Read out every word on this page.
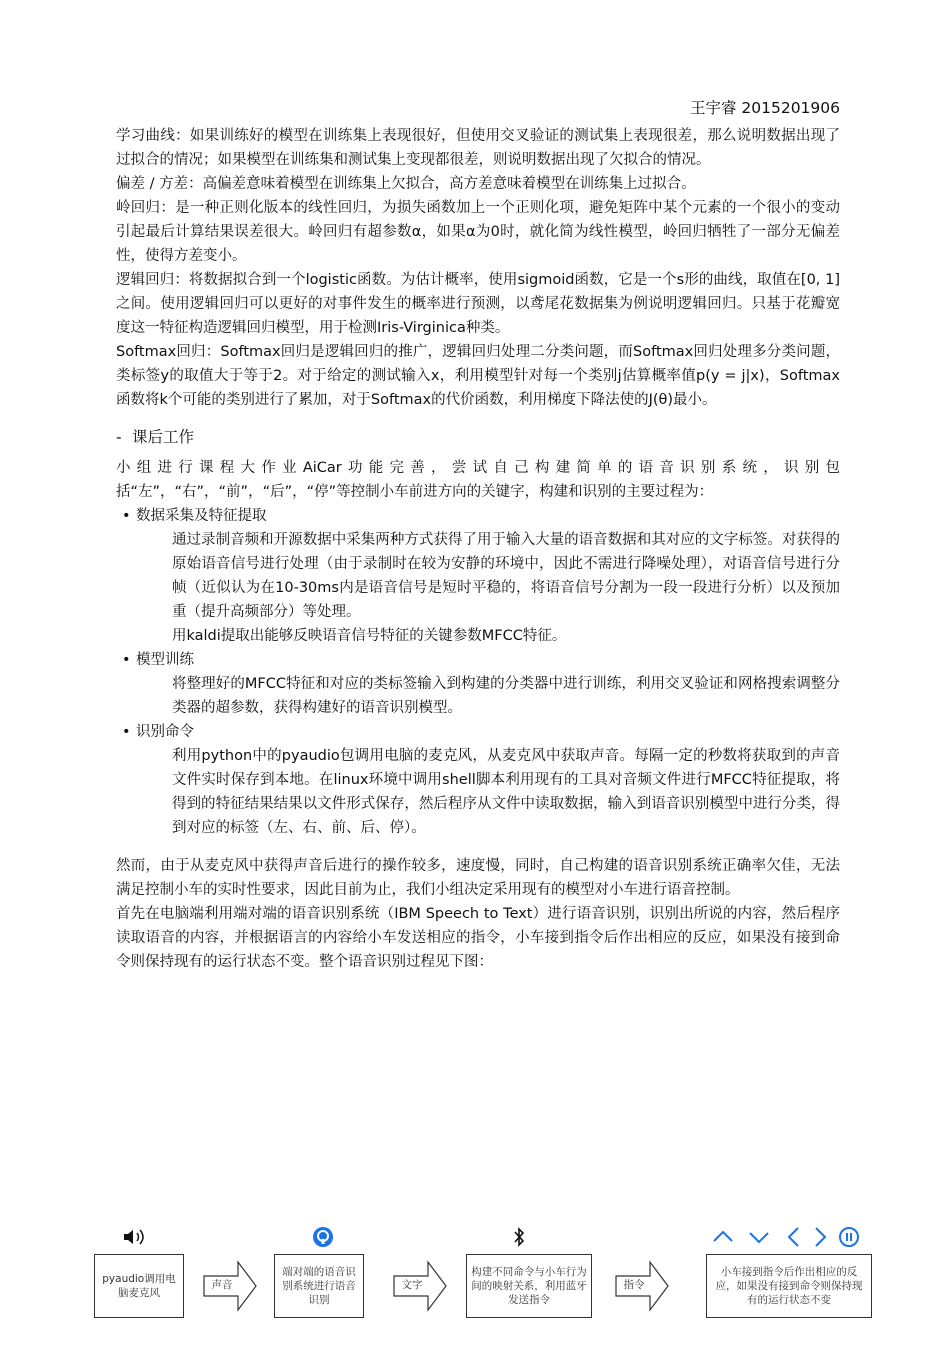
王宇睿 2015201906

学习曲线：如果训练好的模型在训练集上表现很好，但使用交叉验证的测试集上表现很差，那么说明数据出现了过拟合的情况；如果模型在训练集和测试集上变现都很差，则说明数据出现了欠拟合的情况。

偏差 / 方差：高偏差意味着模型在训练集上欠拟合，高方差意味着模型在训练集上过拟合。

岭回归：是一种正则化版本的线性回归，为损失函数加上一个正则化项，避免矩阵中某个元素的一个很小的变动引起最后计算结果误差很大。岭回归有超参数α，如果α为0时，就化简为线性模型，岭回归牺牲了一部分无偏差性，使得方差变小。

逻辑回归：将数据拟合到一个logistic函数。为估计概率，使用sigmoid函数，它是一个s形的曲线，取值在[0, 1]之间。使用逻辑回归可以更好的对事件发生的概率进行预测，以鸢尾花数据集为例说明逻辑回归。只基于花瓣宽度这一特征构造逻辑回归模型，用于检测Iris-Virginica种类。

Softmax回归：Softmax回归是逻辑回归的推广，逻辑回归处理二分类问题，而Softmax回归处理多分类问题，类标签y的取值大于等于2。对于给定的测试输入x，利用模型针对每一个类别j估算概率值p(y = j|x)，Softmax函数将k个可能的类别进行了累加，对于Softmax的代价函数，利用梯度下降法使的J(θ)最小。

- 课后工作

小组进行课程大作业AiCar功能完善，尝试自己构建简单的语音识别系统，识别包括“左”，“右”，“前”，“后”，“停”等控制小车前进方向的关键字，构建和识别的主要过程为：

• 数据采集及特征提取

通过录制音频和开源数据中采集两种方式获得了用于输入大量的语音数据和其对应的文字标签。对获得的原始语音信号进行处理（由于录制时在较为安静的环境中，因此不需进行降噪处理），对语音信号进行分帧（近似认为在10-30ms内是语音信号是短时平稳的，将语音信号分割为一段一段进行分析）以及预加重（提升高频部分）等处理。

用kaldi提取出能够反映语音信号特征的关键参数MFCC特征。

• 模型训练

将整理好的MFCC特征和对应的类标签输入到构建的分类器中进行训练，利用交叉验证和网格搜索调整分类器的超参数，获得构建好的语音识别模型。

• 识别命令

利用python中的pyaudio包调用电脑的麦克风，从麦克风中获取声音。每隔一定的秒数将获取到的声音文件实时保存到本地。在linux环境中调用shell脚本利用现有的工具对音频文件进行MFCC特征提取，将得到的特征结果结果以文件形式保存，然后程序从文件中读取数据，输入到语音识别模型中进行分类，得到对应的标签（左、右、前、后、停）。

然而，由于从麦克风中获得声音后进行的操作较多，速度慢，同时，自己构建的语音识别系统正确率欠佳，无法满足控制小车的实时性要求，因此目前为止，我们小组决定采用现有的模型对小车进行语音控制。

首先在电脑端利用端对端的语音识别系统（IBM Speech to Text）进行语音识别，识别出所说的内容，然后程序读取语音的内容，并根据语言的内容给小车发送相应的指令，小车接到指令后作出相应的反应，如果没有接到命令则保持现有的运行状态不变。整个语音识别过程见下图：

pyaudio调用电脑麦克风
端对端的语音识别系统进行语音识别
构建不同命令与小车行为间的映射关系，利用蓝牙发送指令
小车接到指令后作出相应的反应，如果没有接到命令则保持现有的运行状态不变
声音	文字	指令
